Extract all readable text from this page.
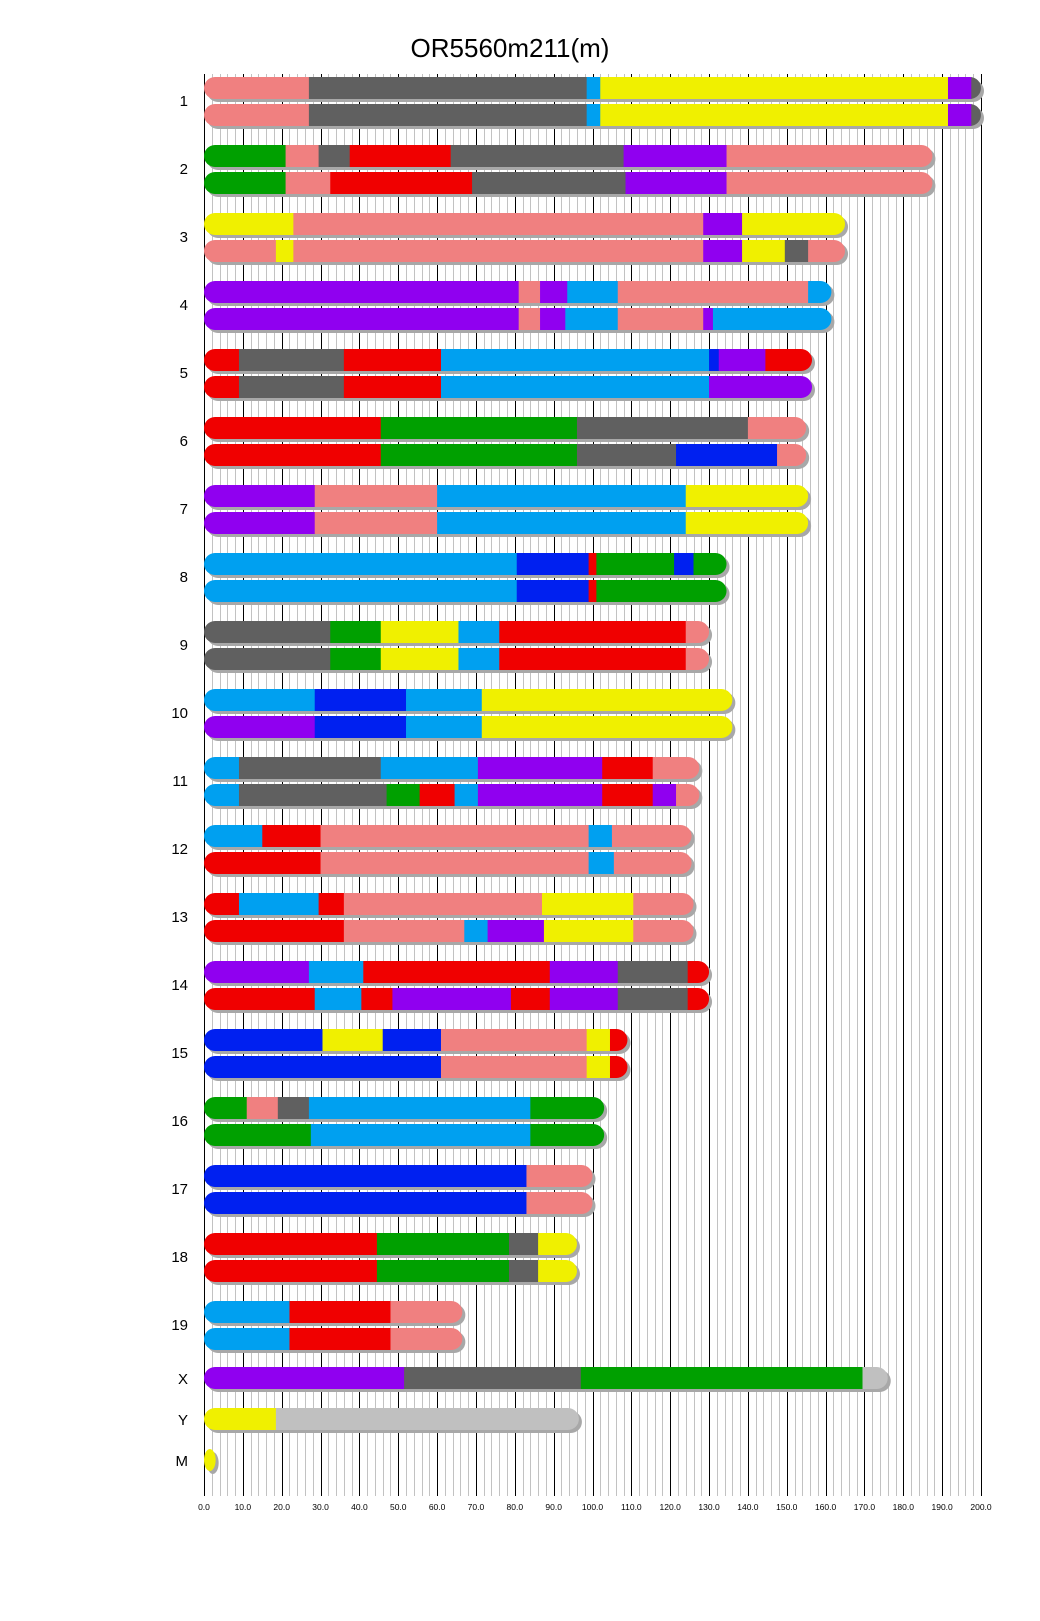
1
2
3
4
5
6
7
8
9
10
11
12
13
14
15
16
17
18
19
X
Y
M
0.0	10.0	20.0	30.0	40.0	50.0	60.0	70.0	80.0	90.0 100.0 110.0 120.0 130.0 140.0 150.0 160.0 170.0 180.0 190.0 200.0
OR5560m211(m)
